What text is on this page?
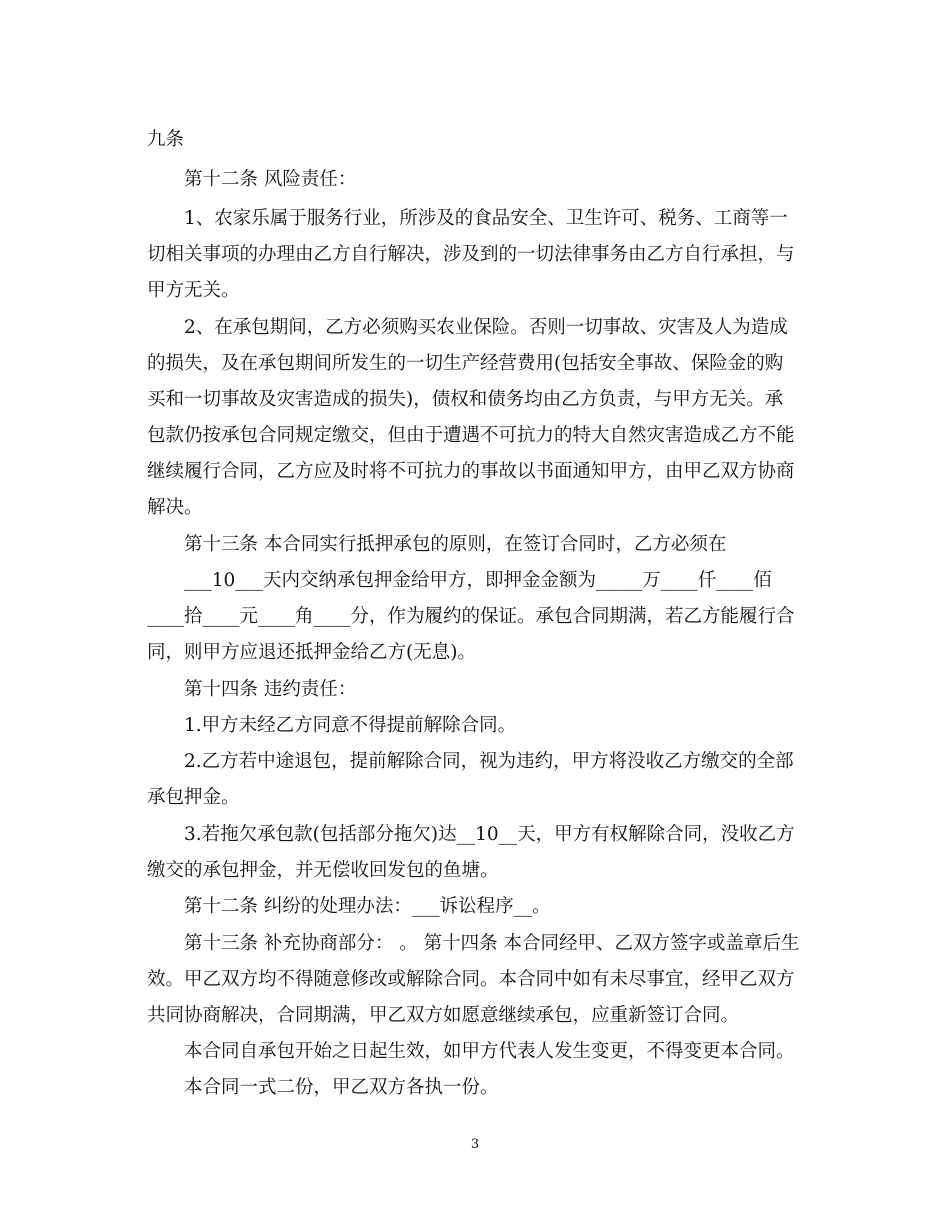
九条
第十二条 风险责任：
1、农家乐属于服务行业，所涉及的食品安全、卫生许可、税务、工商等一
切相关事项的办理由乙方自行解决，涉及到的一切法律事务由乙方自行承担，与
甲方无关。
2、在承包期间，乙方必须购买农业保险。否则一切事故、灾害及人为造成
的损失，及在承包期间所发生的一切生产经营费用(包括安全事故、保险金的购
买和一切事故及灾害造成的损失)，债权和债务均由乙方负责，与甲方无关。承
包款仍按承包合同规定缴交，但由于遭遇不可抗力的特大自然灾害造成乙方不能
继续履行合同，乙方应及时将不可抗力的事故以书面通知甲方，由甲乙双方协商
解决。
第十三条 本合同实行抵押承包的原则，在签订合同时，乙方必须在
___10___天内交纳承包押金给甲方，即押金金额为_____万____仟____佰
____拾____元____角____分，作为履约的保证。承包合同期满，若乙方能履行合
同，则甲方应退还抵押金给乙方(无息)。
第十四条 违约责任：
1.甲方未经乙方同意不得提前解除合同。
2.乙方若中途退包，提前解除合同，视为违约，甲方将没收乙方缴交的全部
承包押金。
3.若拖欠承包款(包括部分拖欠)达__10__天，甲方有权解除合同，没收乙方
缴交的承包押金，并无偿收回发包的鱼塘。
第十二条 纠纷的处理办法：___诉讼程序__。
第十三条 补充协商部分： 。 第十四条 本合同经甲、乙双方签字或盖章后生
效。甲乙双方均不得随意修改或解除合同。本合同中如有未尽事宜，经甲乙双方
共同协商解决，合同期满，甲乙双方如愿意继续承包，应重新签订合同。
本合同自承包开始之日起生效，如甲方代表人发生变更，不得变更本合同。
本合同一式二份，甲乙双方各执一份。
3
